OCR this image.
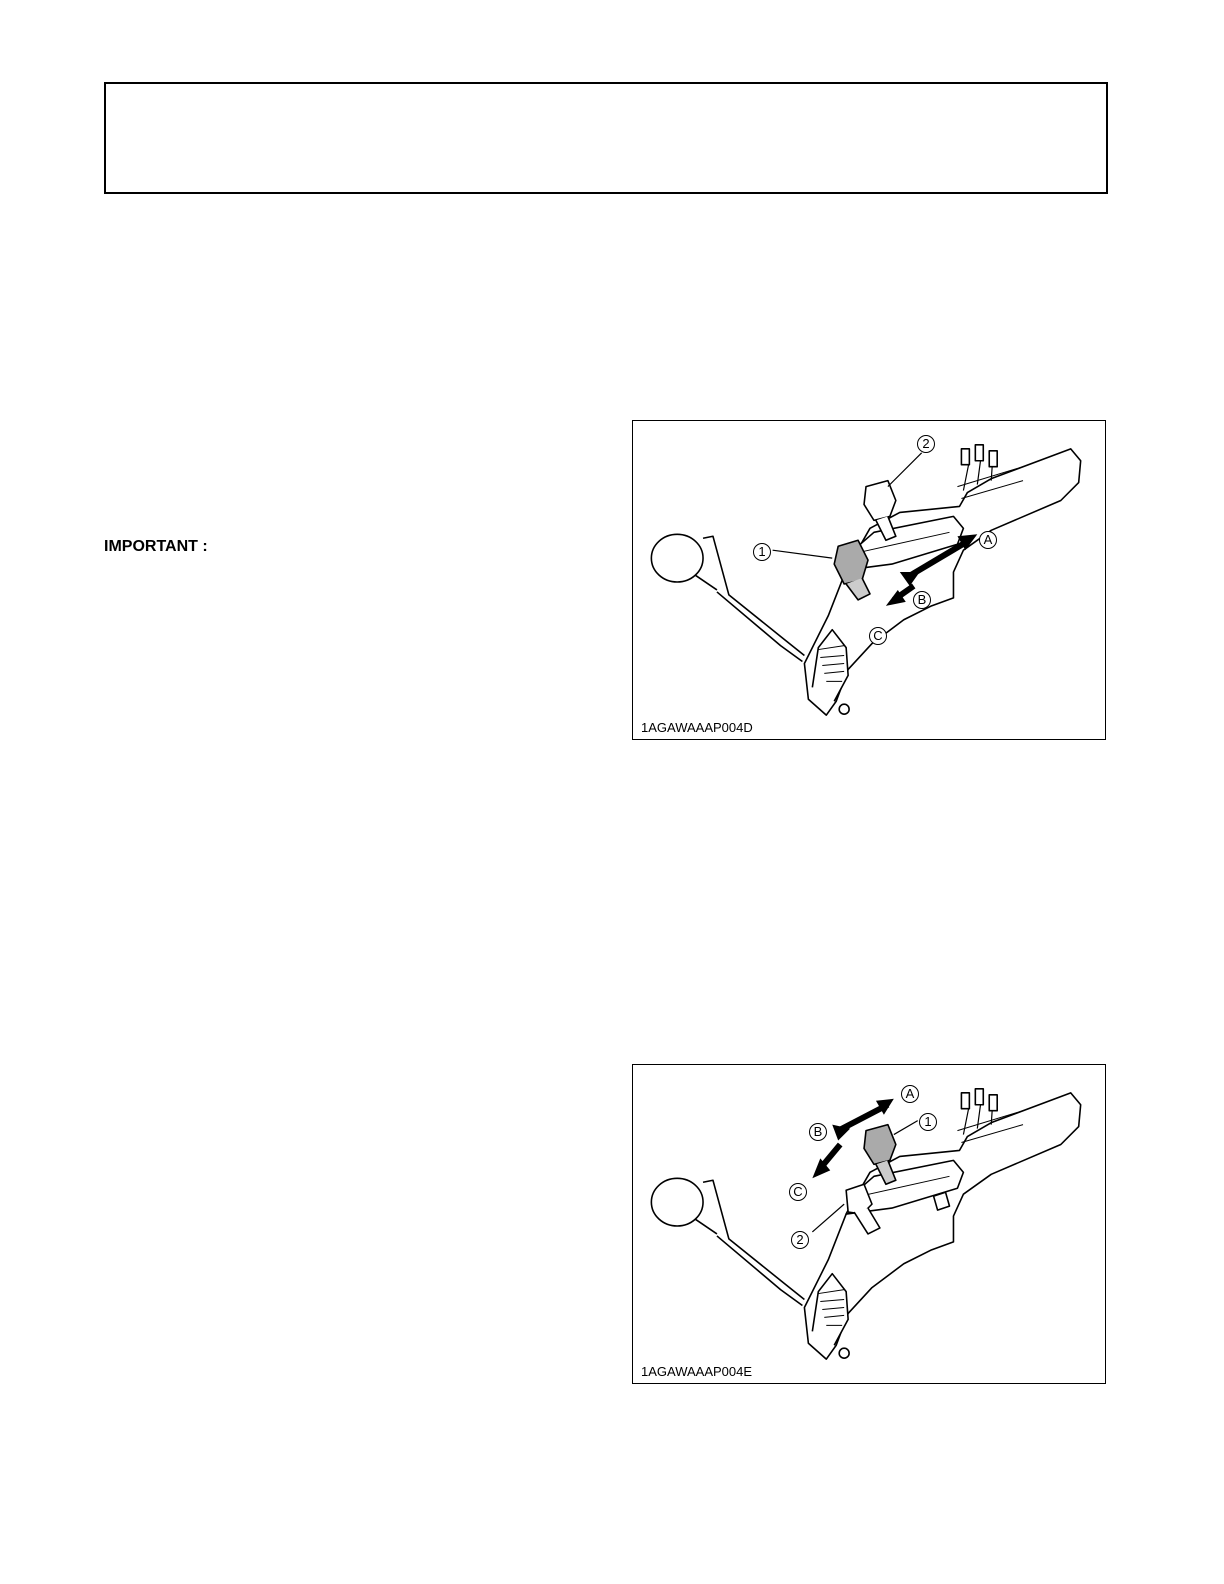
IMPORTANT :
2
1
A
B
C
1AGAWAAAP004D
A
1
B
C
2
1AGAWAAAP004E
